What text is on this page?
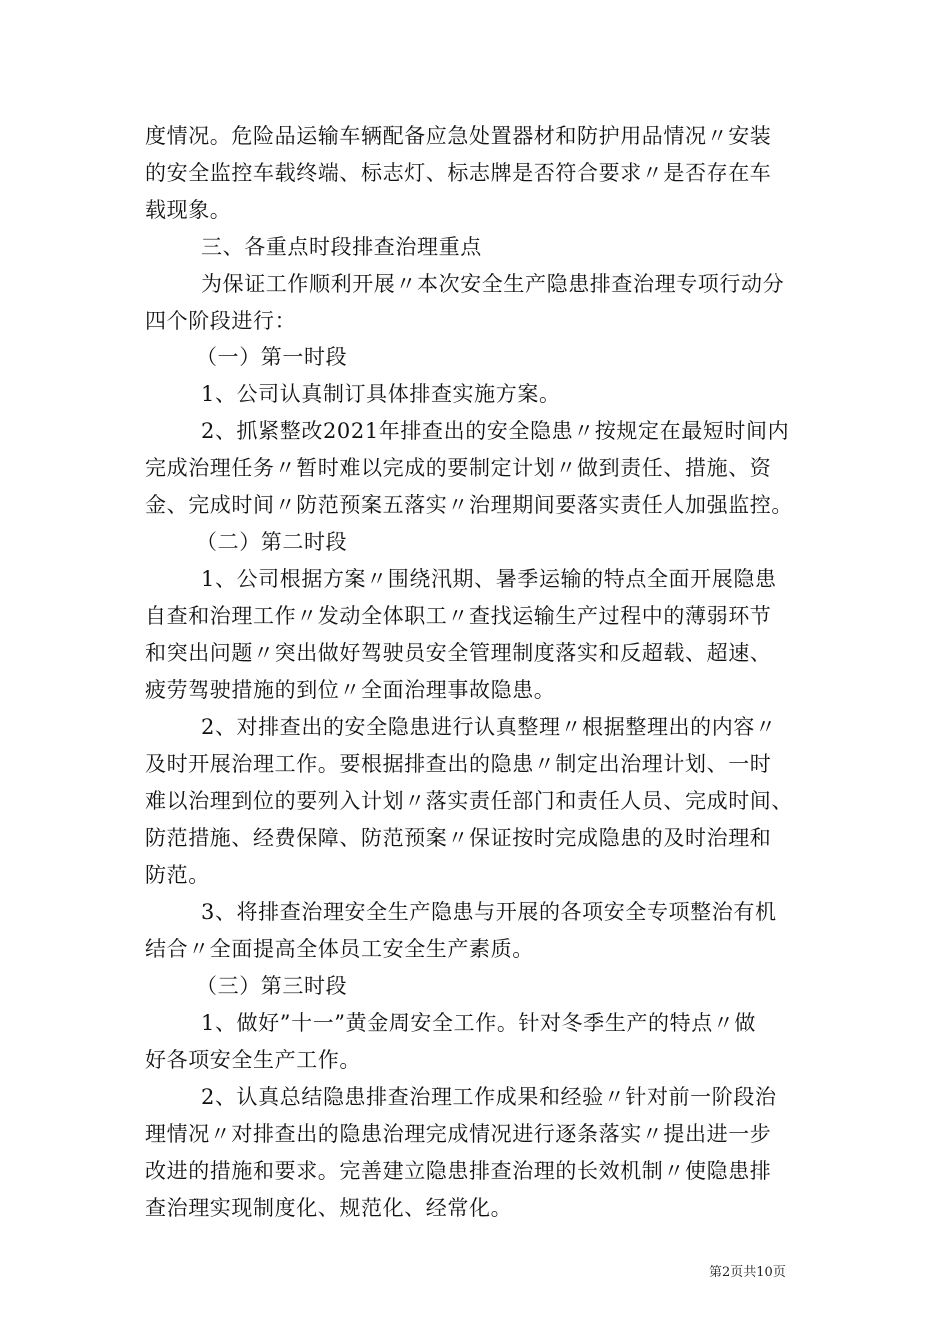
度情况。危险品运输车辆配备应急处置器材和防护用品情况〃安装
的安全监控车载终端、标志灯、标志牌是否符合要求〃是否存在车
载现象。
三、各重点时段排查治理重点
为保证工作顺利开展〃本次安全生产隐患排查治理专项行动分
四个阶段进行：
（一）第一时段
1、公司认真制订具体排查实施方案。
2、抓紧整改2021年排查出的安全隐患〃按规定在最短时间内
完成治理任务〃暂时难以完成的要制定计划〃做到责任、措施、资
金、完成时间〃防范预案五落实〃治理期间要落实责任人加强监控。
（二）第二时段
1、公司根据方案〃围绕汛期、暑季运输的特点全面开展隐患
自查和治理工作〃发动全体职工〃查找运输生产过程中的薄弱环节
和突出问题〃突出做好驾驶员安全管理制度落实和反超载、超速、
疲劳驾驶措施的到位〃全面治理事故隐患。
2、对排查出的安全隐患进行认真整理〃根据整理出的内容〃
及时开展治理工作。要根据排查出的隐患〃制定出治理计划、一时
难以治理到位的要列入计划〃落实责任部门和责任人员、完成时间、
防范措施、经费保障、防范预案〃保证按时完成隐患的及时治理和
防范。
3、将排查治理安全生产隐患与开展的各项安全专项整治有机
结合〃全面提高全体员工安全生产素质。
（三）第三时段
1、做好”十一”黄金周安全工作。针对冬季生产的特点〃做
好各项安全生产工作。
2、认真总结隐患排查治理工作成果和经验〃针对前一阶段治
理情况〃对排查出的隐患治理完成情况进行逐条落实〃提出进一步
改进的措施和要求。完善建立隐患排查治理的长效机制〃使隐患排
查治理实现制度化、规范化、经常化。
第2页共10页
